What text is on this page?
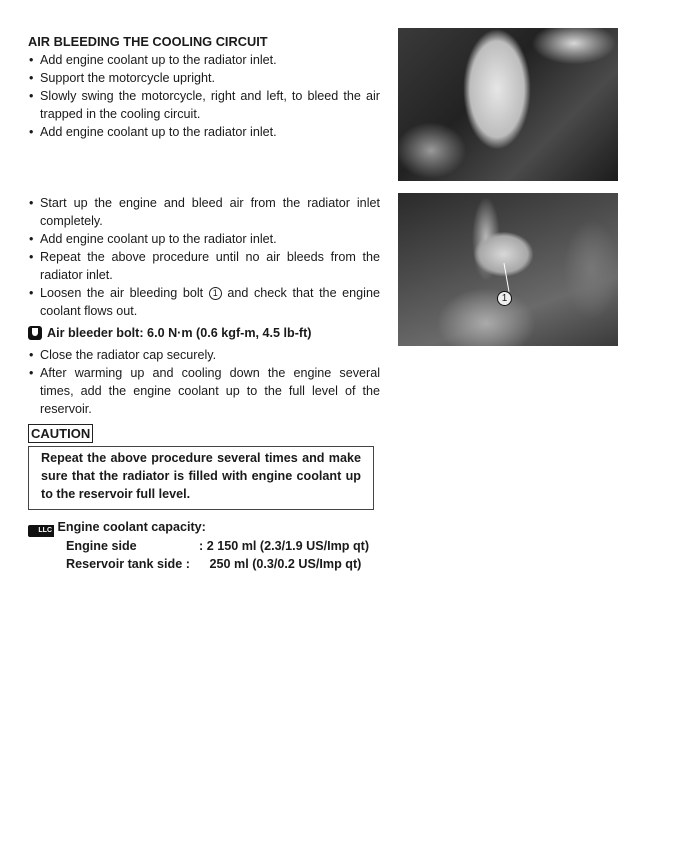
AIR BLEEDING THE COOLING CIRCUIT
• Add engine coolant up to the radiator inlet.
• Support the motorcycle upright.
• Slowly swing the motorcycle, right and left, to bleed the air trapped in the cooling circuit.
• Add engine coolant up to the radiator inlet.
1
• Start up the engine and bleed air from the radiator inlet completely.
• Add engine coolant up to the radiator inlet.
• Repeat the above procedure until no air bleeds from the radiator inlet.
• Loosen the air bleeding bolt 1 and check that the engine coolant flows out.
Air bleeder bolt: 6.0 N·m (0.6 kgf-m, 4.5 lb-ft)
• Close the radiator cap securely.
• After warming up and cooling down the engine several times, add the engine coolant up to the full level of the reservoir.
CAUTION
Repeat the above procedure several times and make sure that the radiator is filled with engine coolant up to the reservoir full level.
LLC Engine coolant capacity:
Engine side	: 2 150 ml (2.3/1.9 US/Imp qt)
Reservoir tank side : 250 ml (0.3/0.2 US/Imp qt)
